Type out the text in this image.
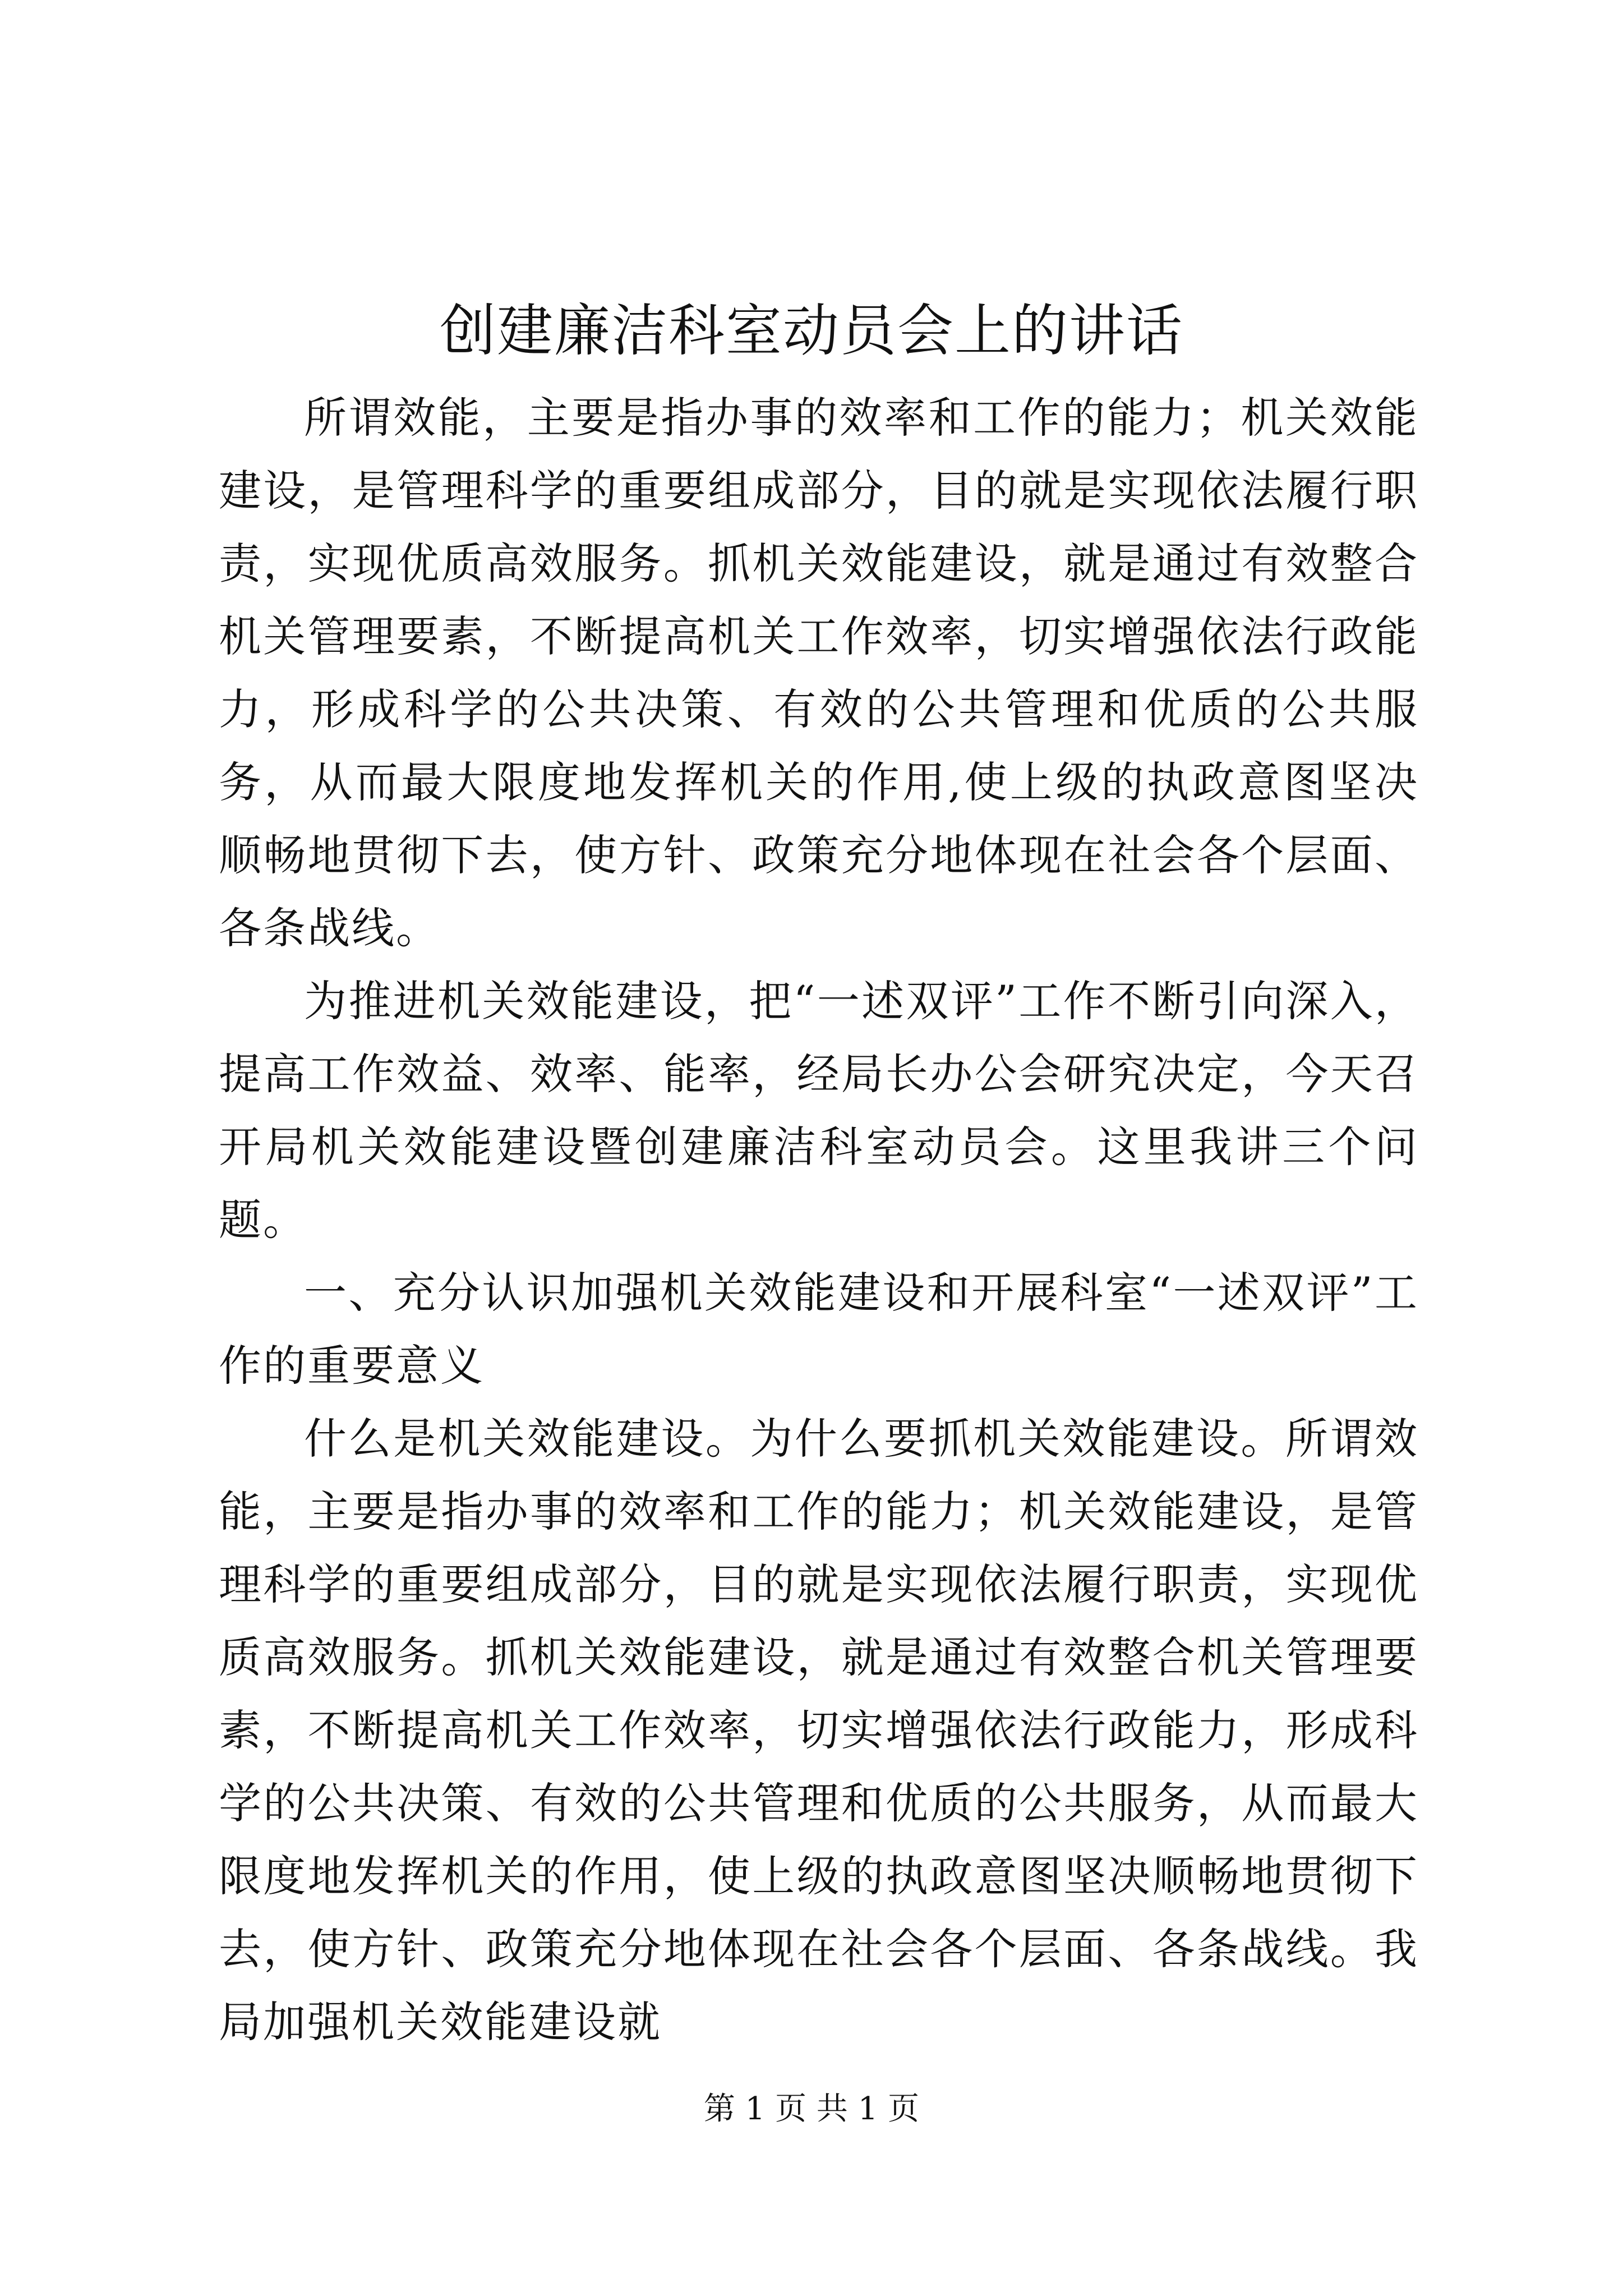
创建廉洁科室动员会上的讲话

所谓效能，主要是指办事的效率和工作的能力；机关效能建设，是管理科学的重要组成部分，目的就是实现依法履行职责，实现优质高效服务。抓机关效能建设，就是通过有效整合机关管理要素，不断提高机关工作效率，切实增强依法行政能力，形成科学的公共决策、有效的公共管理和优质的公共服务，从而最大限度地发挥机关的作用,使上级的执政意图坚决顺畅地贯彻下去，使方针、政策充分地体现在社会各个层面、各条战线。

为推进机关效能建设，把“一述双评”工作不断引向深入，提高工作效益、效率、能率，经局长办公会研究决定，今天召开局机关效能建设暨创建廉洁科室动员会。这里我讲三个问题。

一、充分认识加强机关效能建设和开展科室“一述双评”工作的重要意义

什么是机关效能建设。为什么要抓机关效能建设。所谓效能，主要是指办事的效率和工作的能力；机关效能建设，是管理科学的重要组成部分，目的就是实现依法履行职责，实现优质高效服务。抓机关效能建设，就是通过有效整合机关管理要素，不断提高机关工作效率，切实增强依法行政能力，形成科学的公共决策、有效的公共管理和优质的公共服务，从而最大限度地发挥机关的作用，使上级的执政意图坚决顺畅地贯彻下去，使方针、政策充分地体现在社会各个层面、各条战线。我局加强机关效能建设就

第 1 页 共 1 页
